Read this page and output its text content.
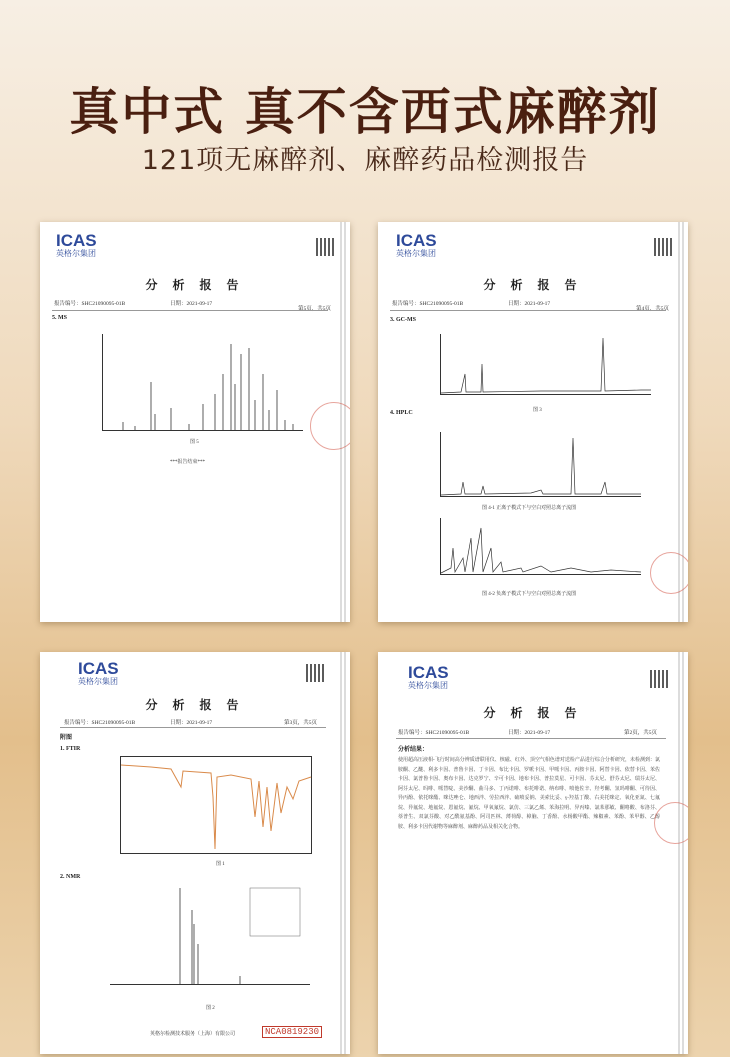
真中式 真不含西式麻醉剂
121项无麻醉剂、麻醉药品检测报告
ICAS
英格尔集团
分 析 报 告
报告编号：SHC21090095-01B	日期：2021-09-17
第5页，共5页
5. MS
图 5
***报告结束***
ICAS
英格尔集团
分 析 报 告
报告编号：SHC21090095-01B	日期：2021-09-17
第4页，共5页
3. GC-MS
图 3
4. HPLC
图 4-1 正离子模式下与空白对照总离子流图
图 4-2 负离子模式下与空白对照总离子流图
ICAS
英格尔集团
分 析 报 告
报告编号：SHC21090095-01B	日期：2021-09-17	第3页，共5页
附图
1. FTIR
图 1
2. NMR
图 2
英格尔检测技术服务（上海）有限公司	NCA0819230
ICAS
英格尔集团
分 析 报 告
报告编号：SHC21090095-01B	日期：2021-09-17	第2页，共5页
分析结果：
使用超高压液相-飞行时间高分辨质谱联用仪、核磁、红外、顶空气相色谱对送检产品进行综合分析研究，未检测到：氯胺酮、乙醚、利多卡因、普鲁卡因、丁卡因、布比卡因、罗哌卡因、甲哌卡因、丙胺卡因、阿替卡因、依替卡因、苯佐卡因、氯普鲁卡因、奥布卡因、达克罗宁、辛可卡因、地布卡因、普拉莫星、可卡因、芬太尼、舒芬太尼、瑞芬太尼、阿芬太尼、吗啡、哌替啶、美沙酮、曲马多、丁丙诺啡、布托啡诺、纳布啡、喷他佐辛、羟考酮、氢吗啡酮、可待因、异丙酚、依托咪酯、咪达唑仑、地西泮、劳拉西泮、硫喷妥钠、美索比妥、γ-羟基丁酸、右美托咪定、氧化亚氮、七氟烷、异氟烷、地氟烷、恩氟烷、氟烷、甲氧氟烷、氯仿、三氯乙烯、苯海拉明、异丙嗪、氯苯那敏、酮咯酸、布洛芬、萘普生、双氯芬酸、对乙酰氨基酚、阿司匹林、薄荷醇、樟脑、丁香酚、水杨酸甲酯、辣椒素、苯酚、苯甲醇、乙醇胺、利多卡因代谢物等麻醉剂、麻醉药品及相关化合物。
